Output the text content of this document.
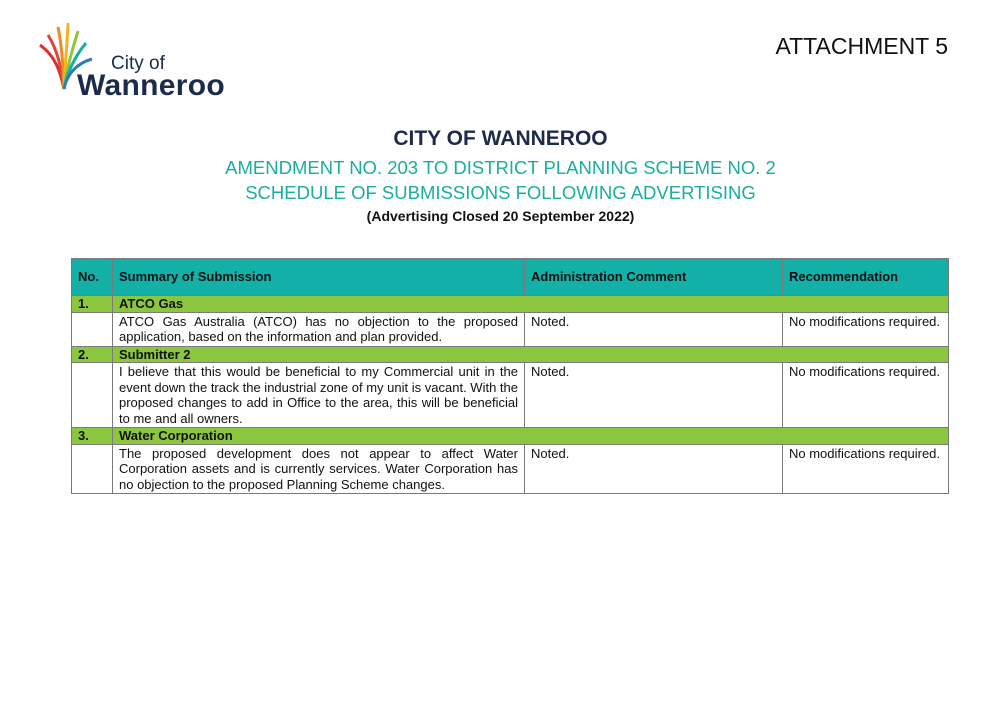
City of
Wanneroo
ATTACHMENT 5
CITY OF WANNEROO
AMENDMENT NO. 203 TO DISTRICT PLANNING SCHEME NO. 2
SCHEDULE OF SUBMISSIONS FOLLOWING ADVERTISING
(Advertising Closed 20 September 2022)
No.	Summary of Submission	Administration Comment	Recommendation
1.	ATCO Gas		
	ATCO Gas Australia (ATCO) has no objection to the proposed application, based on the information and plan provided.	Noted.	No modifications required.
2.	Submitter 2		
	I believe that this would be beneficial to my Commercial unit in the event down the track the industrial zone of my unit is vacant. With the proposed changes to add in Office to the area, this will be beneficial to me and all owners.	Noted.	No modifications required.
3.	Water Corporation		
	The proposed development does not appear to affect Water Corporation assets and is currently services. Water Corporation has no objection to the proposed Planning Scheme changes.	Noted.	No modifications required.
